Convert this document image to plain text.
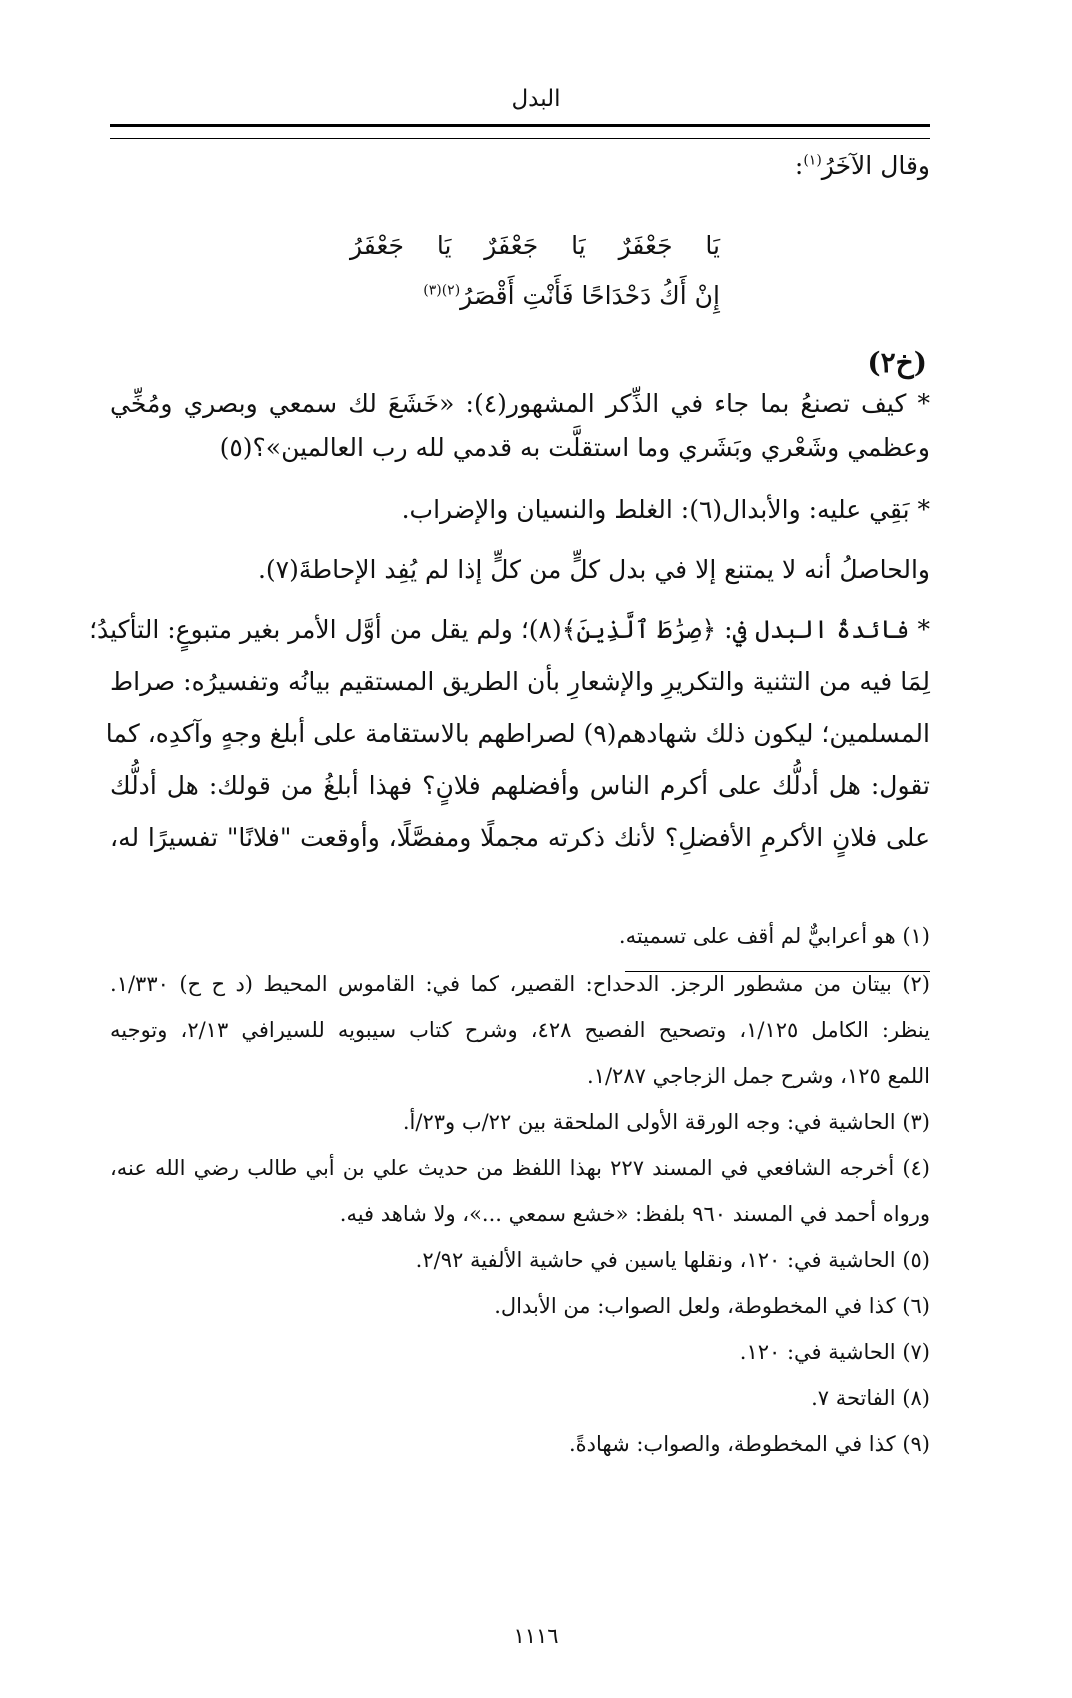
البدل
وقال الآخَرُ$^{(١)}$:
يَا جَعْفَرٌ يَا جَعْفَرٌ يَا جَعْفَرُ
إِنْ أَكُ دَحْدَاحًا فَأَنْتِ أَقْصَرُ$^{(٢)(٣)}$
(خ٢)
* كيف تصنعُ بما جاء في الذِّكر المشهور(٤): «خَشَعَ لك سمعي وبصري ومُخِّي
وعظمي وشَعْري وبَشَري وما استقلَّت به قدمي لله رب العالمين»؟(٥)
* بَقِي عليه: والأبدال(٦): الغلط والنسيان والإضراب.
والحاصلُ أنه لا يمتنع إلا في بدل كلٍّ من كلٍّ إذا لم يُفِد الإحاطةَ(٧).
* فائدةُ البدل في: ﴿صِرَٰطَ ٱلَّذِينَ﴾(٨)؛ ولم يقل من أوَّل الأمر بغير متبوعٍ: التأكيدُ؛
لِمَا فيه من التثنية والتكريرِ والإشعارِ بأن الطريق المستقيم بيانُه وتفسيرُه: صراط
المسلمين؛ ليكون ذلك شهادهم(٩) لصراطهم بالاستقامة على أبلغ وجهٍ وآكدِه، كما
تقول: هل أدلُّك على أكرم الناس وأفضلهم فلانٍ؟ فهذا أبلغُ من قولك: هل أدلُّك
على فلانٍ الأكرمِ الأفضلِ؟ لأنك ذكرته مجملًا ومفصَّلًا، وأوقعت "فلانًا" تفسيرًا له،
(١) هو أعرابيٌّ لم أقف على تسميته.
(٢) بيتان من مشطور الرجز. الدحداح: القصير، كما في: القاموس المحيط (د ح ح) ١/٣٣٠.
ينظر: الكامل ١/١٢٥، وتصحيح الفصيح ٤٢٨، وشرح كتاب سيبويه للسيرافي ٢/١٣، وتوجيه
اللمع ١٢٥، وشرح جمل الزجاجي ١/٢٨٧.
(٣) الحاشية في: وجه الورقة الأولى الملحقة بين ٢٢/ب و٢٣/أ.
(٤) أخرجه الشافعي في المسند ٢٢٧ بهذا اللفظ من حديث علي بن أبي طالب رضي الله عنه،
ورواه أحمد في المسند ٩٦٠ بلفظ: «خشع سمعي ...»، ولا شاهد فيه.
(٥) الحاشية في: ١٢٠، ونقلها ياسين في حاشية الألفية ٢/٩٢.
(٦) كذا في المخطوطة، ولعل الصواب: من الأبدال.
(٧) الحاشية في: ١٢٠.
(٨) الفاتحة ٧.
(٩) كذا في المخطوطة، والصواب: شهادةً.
١١١٦
